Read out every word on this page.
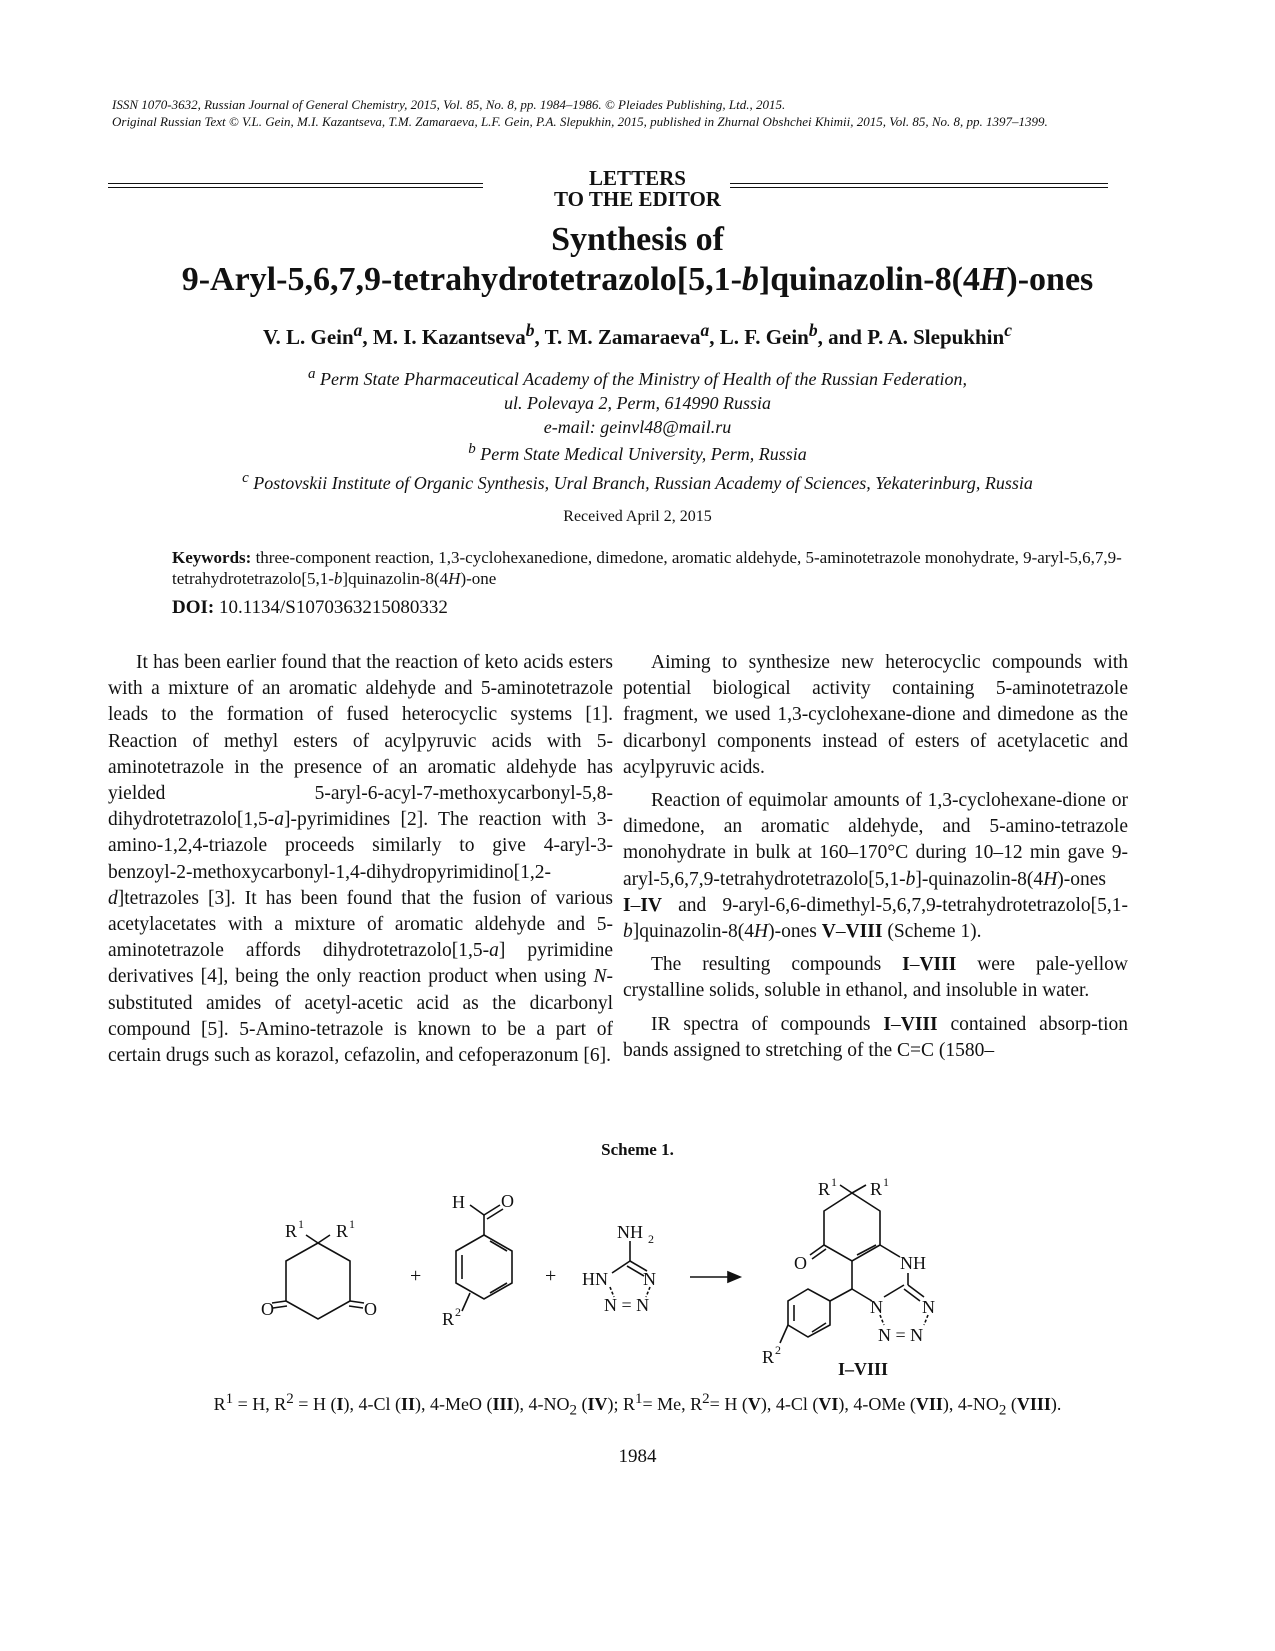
ISSN 1070-3632, Russian Journal of General Chemistry, 2015, Vol. 85, No. 8, pp. 1984–1986. © Pleiades Publishing, Ltd., 2015.
Original Russian Text © V.L. Gein, M.I. Kazantseva, T.M. Zamaraeva, L.F. Gein, P.A. Slepukhin, 2015, published in Zhurnal Obshchei Khimii, 2015, Vol. 85, No. 8, pp. 1397–1399.
LETTERS
TO THE EDITOR
Synthesis of
9-Aryl-5,6,7,9-tetrahydrotetrazolo[5,1-b]quinazolin-8(4H)-ones
V. L. Gein$^a$, M. I. Kazantseva$^b$, T. M. Zamaraeva$^a$, L. F. Gein$^b$, and P. A. Slepukhin$^c$
$^a$ Perm State Pharmaceutical Academy of the Ministry of Health of the Russian Federation,
ul. Polevaya 2, Perm, 614990 Russia
e-mail: geinvl48@mail.ru
$^b$ Perm State Medical University, Perm, Russia
$^c$ Postovskii Institute of Organic Synthesis, Ural Branch, Russian Academy of Sciences, Yekaterinburg, Russia
Received April 2, 2015
Keywords: three-component reaction, 1,3-cyclohexanedione, dimedone, aromatic aldehyde, 5-aminotetrazole monohydrate, 9-aryl-5,6,7,9-tetrahydrotetrazolo[5,1-b]quinazolin-8(4H)-one
DOI: 10.1134/S1070363215080332

It has been earlier found that the reaction of keto acids esters with a mixture of an aromatic aldehyde and 5-aminotetrazole leads to the formation of fused heterocyclic systems [1]. Reaction of methyl esters of acylpyruvic acids with 5-aminotetrazole in the presence of an aromatic aldehyde has yielded 5-aryl-6-acyl-7-methoxycarbonyl-5,8-dihydrotetrazolo[1,5-a]-pyrimidines [2]. The reaction with 3-amino-1,2,4-triazole proceeds similarly to give 4-aryl-3-benzoyl-2-methoxycarbonyl-1,4-dihydropyrimidino[1,2-d]tetrazoles [3]. It has been found that the fusion of various acetylacetates with a mixture of aromatic aldehyde and 5-aminotetrazole affords dihydrotetrazolo[1,5-a] pyrimidine derivatives [4], being the only reaction product when using N-substituted amides of acetyl-acetic acid as the dicarbonyl compound [5]. 5-Amino-tetrazole is known to be a part of certain drugs such as korazol, cefazolin, and cefoperazonum [6].

Aiming to synthesize new heterocyclic compounds with potential biological activity containing 5-aminotetrazole fragment, we used 1,3-cyclohexane-dione and dimedone as the dicarbonyl components instead of esters of acetylacetic and acylpyruvic acids.

Reaction of equimolar amounts of 1,3-cyclohexane-dione or dimedone, an aromatic aldehyde, and 5-amino-tetrazole monohydrate in bulk at 160–170°C during 10–12 min gave 9-aryl-5,6,7,9-tetrahydrotetrazolo[5,1-b]-quinazolin-8(4H)-ones I–IV and 9-aryl-6,6-dimethyl-5,6,7,9-tetrahydrotetrazolo[5,1-b]quinazolin-8(4H)-ones V–VIII (Scheme 1).

The resulting compounds I–VIII were pale-yellow crystalline solids, soluble in ethanol, and insoluble in water.

IR spectra of compounds I–VIII contained absorp-tion bands assigned to stretching of the C=C (1580–

Scheme 1.
O	O
R 1 R 1
+
H O
R 2
+
NH 2
HN N
N = N
R 1 R 1
O	NH
N N
N = N
R 2
I–VIII
$R^1 = H$, $R^2 = H$ (I), 4-Cl (II), 4-MeO (III), $4-NO_2$ (IV); $R^1= Me$, $R^2= H$ (V), 4-Cl (VI), 4-OMe (VII), $4-NO_2$ (VIII).
1984
